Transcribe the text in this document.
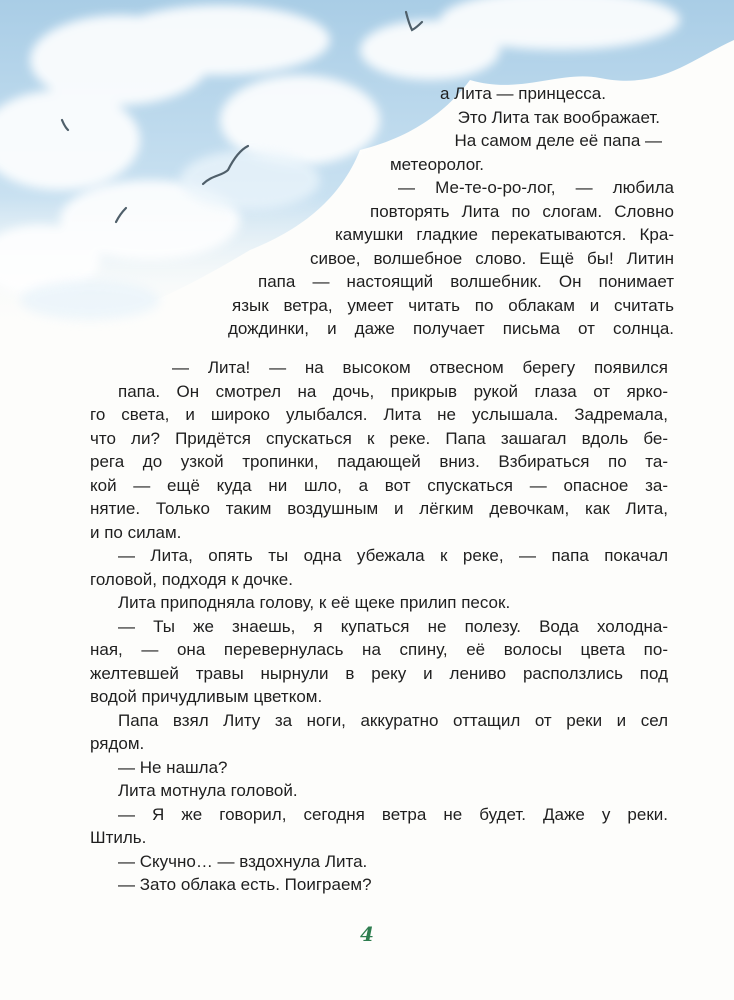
а Лита — принцесса.
Это Лита так воображает.
На самом деле её папа —
метеоролог.
— Ме-те-о-ро-лог, — любила
повторять Лита по слогам. Словно
камушки гладкие перекатываются. Кра-
сивое, волшебное слово. Ещё бы! Литин
папа — настоящий волшебник. Он понимает
язык ветра, умеет читать по облакам и считать
дождинки, и даже получает письма от солнца.
— Лита! — на высоком отвесном берегу появился
папа. Он смотрел на дочь, прикрыв рукой глаза от ярко-
го света, и широко улыбался. Лита не услышала. Задремала,
что ли? Придётся спускаться к реке. Папа зашагал вдоль бе-
рега до узкой тропинки, падающей вниз. Взбираться по та-
кой — ещё куда ни шло, а вот спускаться — опасное за-
нятие. Только таким воздушным и лёгким девочкам, как Лита,
и по силам.
— Лита, опять ты одна убежала к реке, — папа покачал
головой, подходя к дочке.
Лита приподняла голову, к её щеке прилип песок.
— Ты же знаешь, я купаться не полезу. Вода холодна-
ная, — она перевернулась на спину, её волосы цвета по-
желтевшей травы нырнули в реку и лениво расползлись под
водой причудливым цветком.
Папа взял Литу за ноги, аккуратно оттащил от реки и сел
рядом.
— Не нашла?
Лита мотнула головой.
— Я же говорил, сегодня ветра не будет. Даже у реки.
Штиль.
— Скучно… — вздохнула Лита.
— Зато облака есть. Поиграем?
4
